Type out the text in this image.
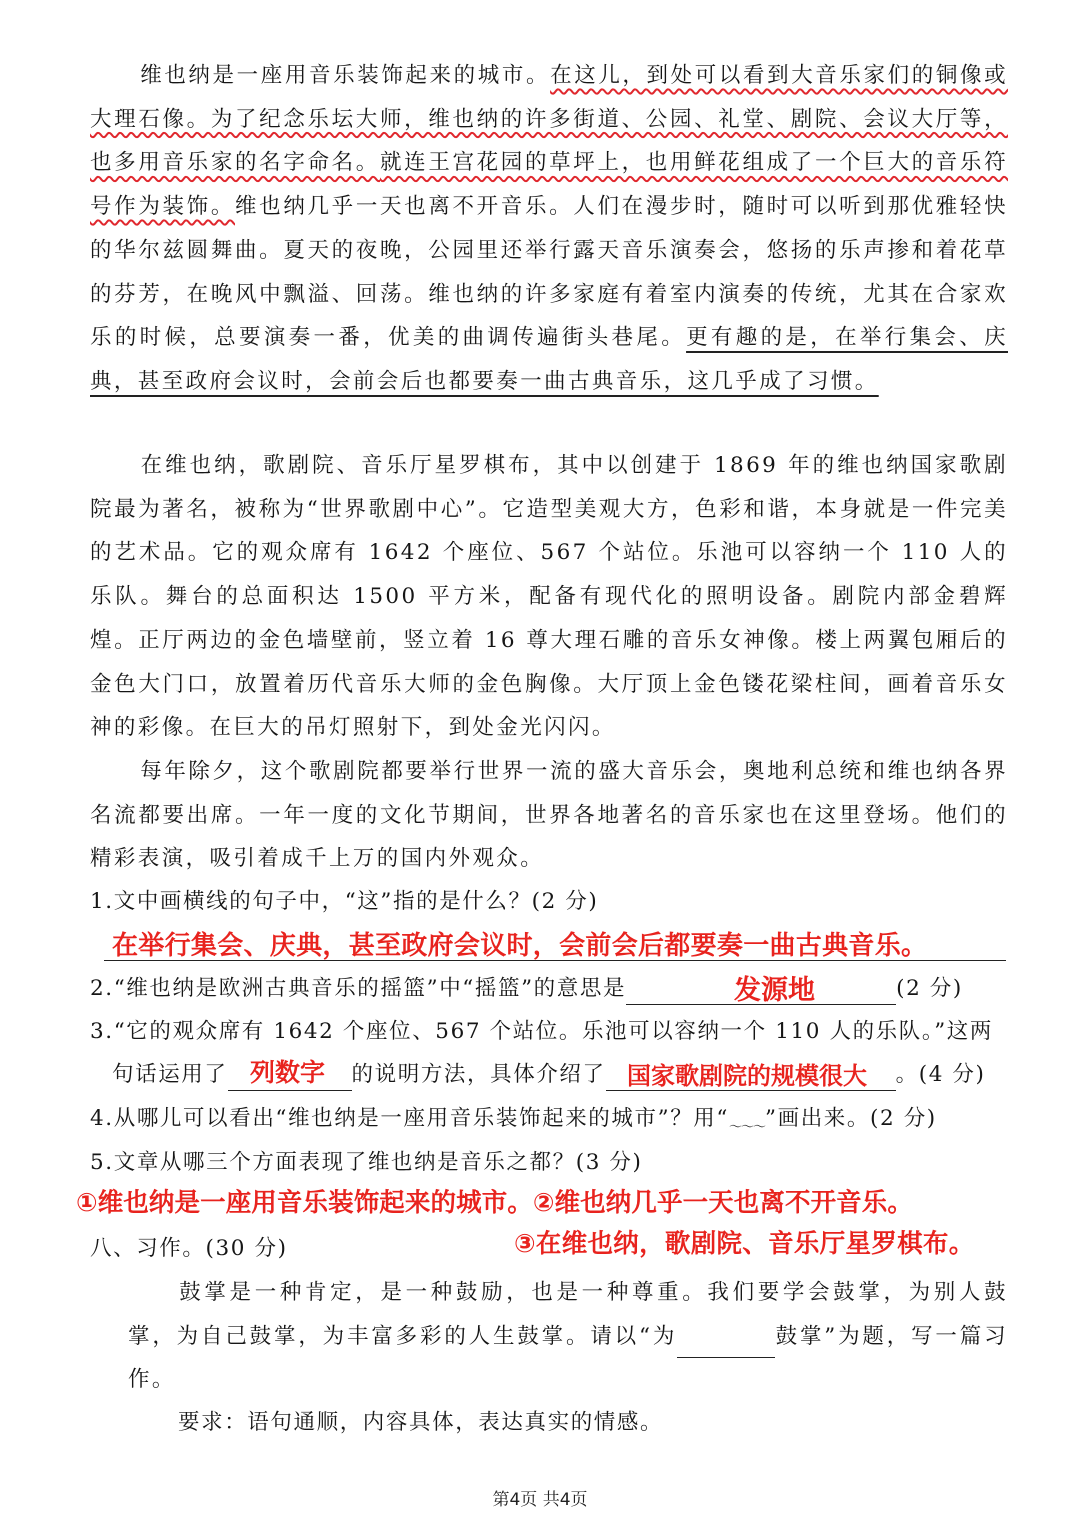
维也纳是一座用音乐装饰起来的城市。在这儿，到处可以看到大音乐家们的铜像或大理石像。为了纪念乐坛大师，维也纳的许多街道、公园、礼堂、剧院、会议大厅等，也多用音乐家的名字命名。就连王宫花园的草坪上，也用鲜花组成了一个巨大的音乐符号作为装饰。维也纳几乎一天也离不开音乐。人们在漫步时，随时可以听到那优雅轻快的华尔兹圆舞曲。夏天的夜晚，公园里还举行露天音乐演奏会，悠扬的乐声掺和着花草的芬芳，在晚风中飘溢、回荡。维也纳的许多家庭有着室内演奏的传统，尤其在合家欢乐的时候，总要演奏一番，优美的曲调传遍街头巷尾。更有趣的是，在举行集会、庆典，甚至政府会议时，会前会后也都要奏一曲古典音乐，这几乎成了习惯。

在维也纳，歌剧院、音乐厅星罗棋布，其中以创建于 1869 年的维也纳国家歌剧院最为著名，被称为“世界歌剧中心”。它造型美观大方，色彩和谐，本身就是一件完美的艺术品。它的观众席有 1642 个座位、567 个站位。乐池可以容纳一个 110 人的乐队。舞台的总面积达 1500 平方米，配备有现代化的照明设备。剧院内部金碧辉煌。正厅两边的金色墙壁前，竖立着 16 尊大理石雕的音乐女神像。楼上两翼包厢后的金色大门口，放置着历代音乐大师的金色胸像。大厅顶上金色镂花梁柱间，画着音乐女神的彩像。在巨大的吊灯照射下，到处金光闪闪。

每年除夕，这个歌剧院都要举行世界一流的盛大音乐会，奥地利总统和维也纳各界名流都要出席。一年一度的文化节期间，世界各地著名的音乐家也在这里登场。他们的精彩表演，吸引着成千上万的国内外观众。

1.文中画横线的句子中，“这”指的是什么？(2 分)
在举行集会、庆典，甚至政府会议时，会前会后都要奏一曲古典音乐。
2.“维也纳是欧洲古典音乐的摇篮”中“摇篮”的意思是	(2 分)
发源地
3.“它的观众席有 1642 个座位、567 个站位。乐池可以容纳一个 110 人的乐队。”这两
句话运用了	的说明方法，具体介绍了	。(4 分)
列数字	国家歌剧院的规模很大
4.从哪儿可以看出“维也纳是一座用音乐装饰起来的城市”？用“$_{\sim\sim\sim}$”画出来。(2 分)
5.文章从哪三个方面表现了维也纳是音乐之都？(3 分)
①维也纳是一座用音乐装饰起来的城市。②维也纳几乎一天也离不开音乐。
③在维也纳，歌剧院、音乐厅星罗棋布。
八、习作。(30 分)

鼓掌是一种肯定，是一种鼓励，也是一种尊重。我们要学会鼓掌，为别人鼓掌，为自己鼓掌，为丰富多彩的人生鼓掌。请以“为	鼓掌”为题，写一篇习作。

要求：语句通顺，内容具体，表达真实的情感。
第4页 共4页
